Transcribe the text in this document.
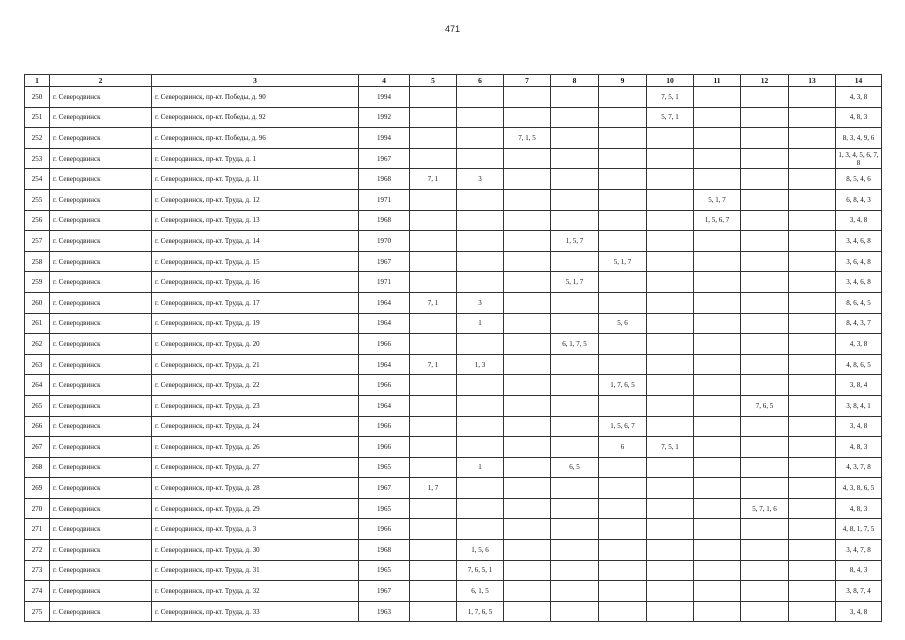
471
1	2	3	4	5	6	7	8	9	10	11	12	13	14
250	г. Северодвинск	г. Северодвинск, пр-кт. Победы, д. 90	1994						7, 5, 1				4, 3, 8
251	г. Северодвинск	г. Северодвинск, пр-кт. Победы, д. 92	1992						5, 7, 1				4, 8, 3
252	г. Северодвинск	г. Северодвинск, пр-кт. Победы, д. 96	1994			7, 1, 5							8, 3, 4, 9, 6
253	г. Северодвинск	г. Северодвинск, пр-кт. Труда, д. 1	1967										1, 3, 4, 5, 6, 7, 8
254	г. Северодвинск	г. Северодвинск, пр-кт. Труда, д. 11	1968	7, 1	3								8, 5, 4, 6
255	г. Северодвинск	г. Северодвинск, пр-кт. Труда, д. 12	1971							5, 1, 7			6, 8, 4, 3
256	г. Северодвинск	г. Северодвинск, пр-кт. Труда, д. 13	1968							1, 5, 6, 7			3, 4, 8
257	г. Северодвинск	г. Северодвинск, пр-кт. Труда, д. 14	1970				1, 5, 7						3, 4, 6, 8
258	г. Северодвинск	г. Северодвинск, пр-кт. Труда, д. 15	1967					5, 1, 7					3, 6, 4, 8
259	г. Северодвинск	г. Северодвинск, пр-кт. Труда, д. 16	1971				5, 1, 7						3, 4, 6, 8
260	г. Северодвинск	г. Северодвинск, пр-кт. Труда, д. 17	1964	7, 1	3								8, 6, 4, 5
261	г. Северодвинск	г. Северодвинск, пр-кт. Труда, д. 19	1964		1			5, 6					8, 4, 3, 7
262	г. Северодвинск	г. Северодвинск, пр-кт. Труда, д. 20	1966				6, 1, 7, 5						4, 3, 8
263	г. Северодвинск	г. Северодвинск, пр-кт. Труда, д. 21	1964	7, 1	1, 3								4, 8, 6, 5
264	г. Северодвинск	г. Северодвинск, пр-кт. Труда, д. 22	1966					1, 7, 6, 5					3, 8, 4
265	г. Северодвинск	г. Северодвинск, пр-кт. Труда, д. 23	1964								7, 6, 5		3, 8, 4, 1
266	г. Северодвинск	г. Северодвинск, пр-кт. Труда, д. 24	1966					1, 5, 6, 7					3, 4, 8
267	г. Северодвинск	г. Северодвинск, пр-кт. Труда, д. 26	1966					6	7, 5, 1				4, 8, 3
268	г. Северодвинск	г. Северодвинск, пр-кт. Труда, д. 27	1965		1		6, 5						4, 3, 7, 8
269	г. Северодвинск	г. Северодвинск, пр-кт. Труда, д. 28	1967	1, 7									4, 3, 8, 6, 5
270	г. Северодвинск	г. Северодвинск, пр-кт. Труда, д. 29	1965								5, 7, 1, 6		4, 8, 3
271	г. Северодвинск	г. Северодвинск, пр-кт. Труда, д. 3	1966										4, 8, 1, 7, 5
272	г. Северодвинск	г. Северодвинск, пр-кт. Труда, д. 30	1968		1, 5, 6								3, 4, 7, 8
273	г. Северодвинск	г. Северодвинск, пр-кт. Труда, д. 31	1965		7, 6, 5, 1								8, 4, 3
274	г. Северодвинск	г. Северодвинск, пр-кт. Труда, д. 32	1967		6, 1, 5								3, 8, 7, 4
275	г. Северодвинск	г. Северодвинск, пр-кт. Труда, д. 33	1963		1, 7, 6, 5								3, 4, 8
